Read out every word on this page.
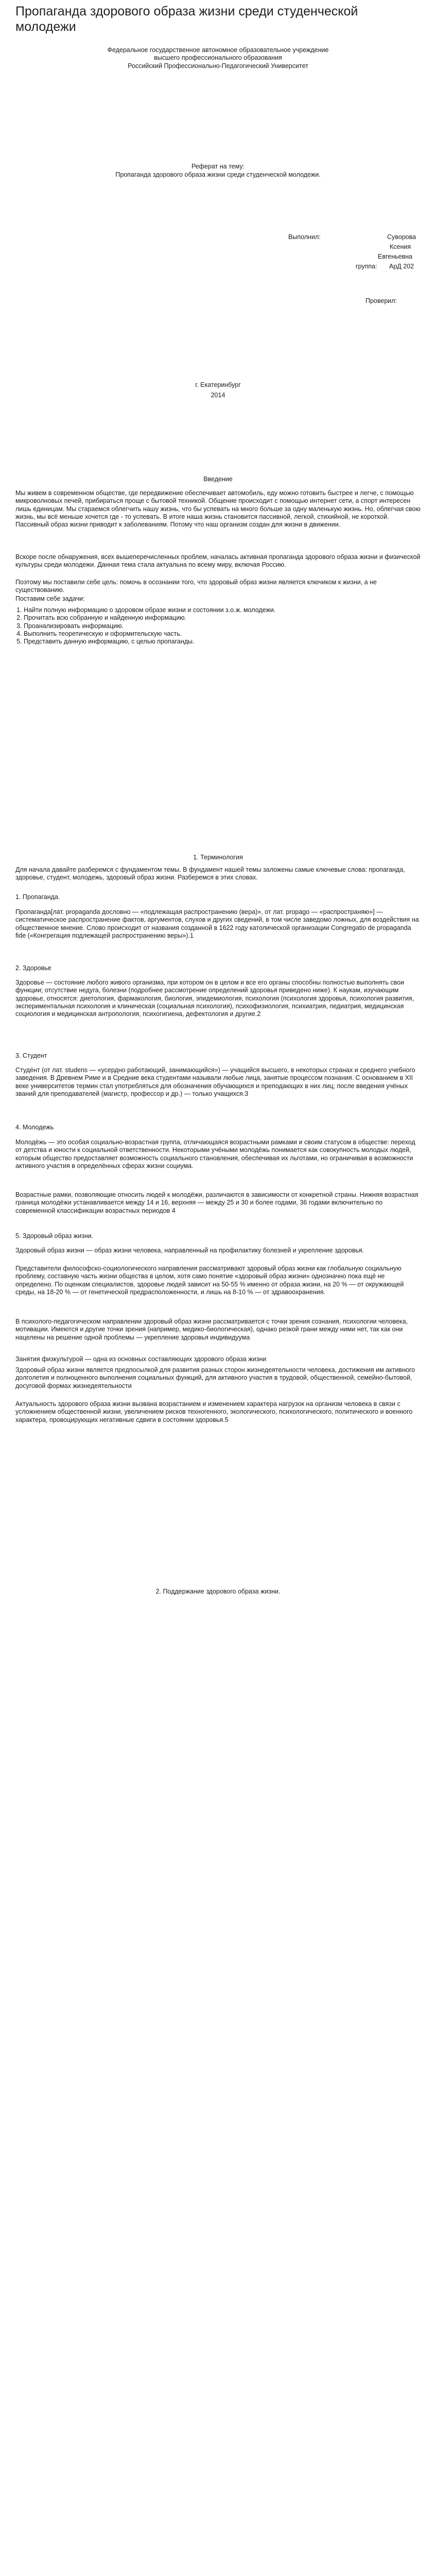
Пропаганда здорового образа жизни среди студенческой молодежи
Федеральное государственное автономное образовательное учреждение
высшего профессионального образования
Российский Профессионально-Педагогический Университет
Реферат на тему:
Пропаганда здорового образа жизни среди студенческой молодежи.
Выполнил:	Суворова
Ксения
Евгеньевна
группа: АрД 202
Проверил:
г. Екатеринбург
2014
Введение

Мы живем в современном обществе, где передвижение обеспечивает автомобиль, еду можно готовить быстрее и легче, с помощью микроволновых печей, прибираться проще с бытовой техникой. Общение происходит с помощью интернет сети, а спорт интересен лишь единицам. Мы стараемся облегчить нашу жизнь, что бы успевать на много больше за одну маленькую жизнь. Но, облегчая свою жизнь, мы всё меньше хочется где - то успевать. В итоге наша жизнь становится пассивной, легкой, стихийной, не короткой. Пассивный образ жизни приводит к заболеваниям. Потому что наш организм создан для жизни в движении.

Вскоре после обнаружения, всех вышеперечисленных проблем, началась активная пропаганда здорового образа жизни и физической культуры среди молодежи. Данная тема стала актуальна по всему миру, включая Россию.

Поэтому мы поставили себе цель: помочь в осознании того, что здоровый образ жизни является ключиком к жизни, а не существованию.

Поставим себе задачи:

1. Найти полную информацию о здоровом образе жизни и состоянии з.о.ж. молодежи.
2. Прочитать всю собранную и найденную информацию.
3. Проанализировать информацию.
4. Выполнить теоретическую и оформительскую часть.
5. Представить данную информацию, с целью пропаганды.
1. Терминология

Для начала давайте разберемся с фундаментом темы. В фундамент нашей темы заложены самые ключевые слова: пропаганда, здоровье, студент, молодежь, здоровый образ жизни. Разберемся в этих словах.

1. Пропаганда.

Пропаганда[лат. propaganda дословно — «подлежащая распространению (вера)», от лат. propago — «распространяю»] — систематическое распространение фактов, аргументов, слухов и других сведений, в том числе заведомо ложных, для воздействия на общественное мнение. Слово происходит от названия созданной в 1622 году католической организации Congregatio de propaganda fide («Конгрегация подлежащей распространению веры»).1

2. Здоровье

Здоровье — состояние любого живого организма, при котором он в целом и все его органы способны полностью выполнять свои функции; отсутствие недуга, болезни (подробнее рассмотрение определений здоровья приведено ниже). К наукам, изучающим здоровье, относятся: диетология, фармакология, биология, эпидемиология, психология (психология здоровья, психология развития, экспериментальная психология и клиническая (социальная психология), психофизиология, психиатрия, педиатрия, медицинская социология и медицинская антропология, психогигиена, дефектология и другие.2

3. Студент

Студе́нт (от лат. studens — «усердно работающий, занимающийся») — учащийся высшего, в некоторых странах и среднего учебного заведения. В Древнем Риме и в Средние века студентами называли любые лица, занятые процессом познания. С основанием в XII веке университетов термин стал употребляться для обозначения обучающихся и преподающих в них лиц; после введения учёных званий для преподавателей (магистр, профессор и др.) — только учащихся.3

4. Молодежь

Молодёжь — это особая социально-возрастная группа, отличающаяся возрастными рамками и своим статусом в обществе: переход от детства и юности к социальной ответственности. Некоторыми учёными молодёжь понимается как совокупность молодых людей, которым общество предоставляет возможность социального становления, обеспечивая их льготами, но ограничивая в возможности активного участия в определённых сферах жизни социума.

Возрастные рамки, позволяющие относить людей к молодёжи, различаются в зависимости от конкретной страны. Нижняя возрастная граница молодёжи устанавливается между 14 и 16, верхняя — между 25 и 30 и более годами, 36 годами включительно по современной классификации возрастных периодов 4

5. Здоровый образ жизни.

Здоровый образ жизни — образ жизни человека, направленный на профилактику болезней и укрепление здоровья.

Представители философско-социологического направления рассматривают здоровый образ жизни как глобальную социальную проблему, составную часть жизни общества в целом, хотя само понятие «здоровый образ жизни» однозначно пока ещё не определено. По оценкам специалистов, здоровье людей зависит на 50-55 % именно от образа жизни, на 20 % — от окружающей среды, на 18-20 % — от генетической предрасположенности, и лишь на 8-10 % — от здравоохранения.

В психолого-педагогическом направлении здоровый образ жизни рассматривается с точки зрения сознания, психологии человека, мотивации. Имеются и другие точки зрения (например, медико-биологическая), однако резкой грани между ними нет, так как они нацелены на решение одной проблемы — укрепление здоровья индивидуума

Занятия физкультурой — одна из основных составляющих здорового образа жизни

Здоровый образ жизни является предпосылкой для развития разных сторон жизнедеятельности человека, достижения им активного долголетия и полноценного выполнения социальных функций, для активного участия в трудовой, общественной, семейно-бытовой, досуговой формах жизнедеятельности

Актуальность здорового образа жизни вызвана возрастанием и изменением характера нагрузок на организм человека в связи с усложнением общественной жизни, увеличением рисков техногенного, экологического, психологического, политического и военного характера, провоцирующих негативные сдвиги в состоянии здоровья.5

2. Поддержание здорового образа жизни.
